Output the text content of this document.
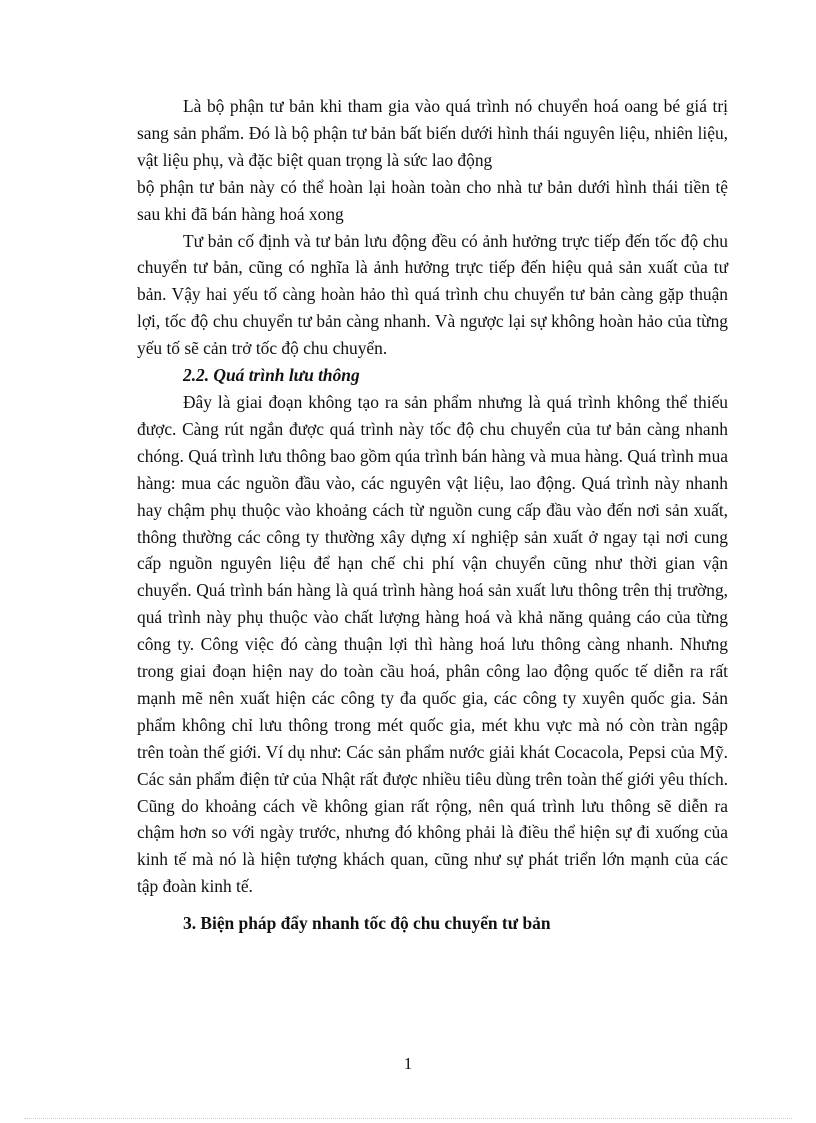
Là bộ phận tư bản khi tham gia vào quá trình nó chuyển hoá oang bé giá trị sang sản phẩm. Đó là bộ phận tư bản bất biến dưới hình thái nguyên liệu, nhiên liệu, vật liệu phụ, và đặc biệt quan trọng là sức lao động

bộ phận tư bản này có thể hoàn lại hoàn toàn cho nhà tư bản dưới hình thái tiền tệ sau khi đã bán hàng hoá xong

Tư bản cố định và tư bản lưu động đều có ảnh hưởng trực tiếp đến tốc độ chu chuyển tư bản, cũng có nghĩa là ảnh hưởng trực tiếp đến hiệu quả sản xuất của tư bản. Vậy hai yếu tố càng hoàn hảo thì quá trình chu chuyển tư bản càng gặp thuận lợi, tốc độ chu chuyển tư bản càng nhanh. Và ngược lại sự không hoàn hảo của từng yếu tố sẽ cản trở tốc độ chu chuyển.

2.2. Quá trình lưu thông

Đây là giai đoạn không tạo ra sản phẩm nhưng là quá trình không thể thiếu được. Càng rút ngắn được quá trình này tốc độ chu chuyển của tư bản càng nhanh chóng. Quá trình lưu thông bao gồm qúa trình bán hàng và mua hàng. Quá trình mua hàng: mua các nguồn đầu vào, các nguyên vật liệu, lao động. Quá trình này nhanh hay chậm phụ thuộc vào khoảng cách từ nguồn cung cấp đầu vào đến nơi sản xuất, thông thường các công ty thường xây dựng xí nghiệp sản xuất ở ngay tại nơi cung cấp nguồn nguyên liệu để hạn chế chi phí vận chuyển cũng như thời gian vận chuyển. Quá trình bán hàng là quá trình hàng hoá sản xuất lưu thông trên thị trường, quá trình này phụ thuộc vào chất lượng hàng hoá và khả năng quảng cáo của từng công ty. Công việc đó càng thuận lợi thì hàng hoá lưu thông càng nhanh. Nhưng trong giai đoạn hiện nay do toàn cầu hoá, phân công lao động quốc tế diễn ra rất mạnh mẽ nên xuất hiện các công ty đa quốc gia, các công ty xuyên quốc gia. Sản phẩm không chỉ lưu thông trong mét quốc gia, mét khu vực mà nó còn tràn ngập trên toàn thế giới. Ví dụ như: Các sản phẩm nước giải khát Cocacola, Pepsi của Mỹ. Các sản phẩm điện tử của Nhật rất được nhiều tiêu dùng trên toàn thế giới yêu thích. Cũng do khoảng cách về không gian rất rộng, nên quá trình lưu thông sẽ diễn ra chậm hơn so với ngày trước, nhưng đó không phải là điều thể hiện sự đi xuống của kinh tế mà nó là hiện tượng khách quan, cũng như sự phát triển lớn mạnh của các tập đoàn kinh tế.

3. Biện pháp đẩy nhanh tốc độ chu chuyển tư bản

1
